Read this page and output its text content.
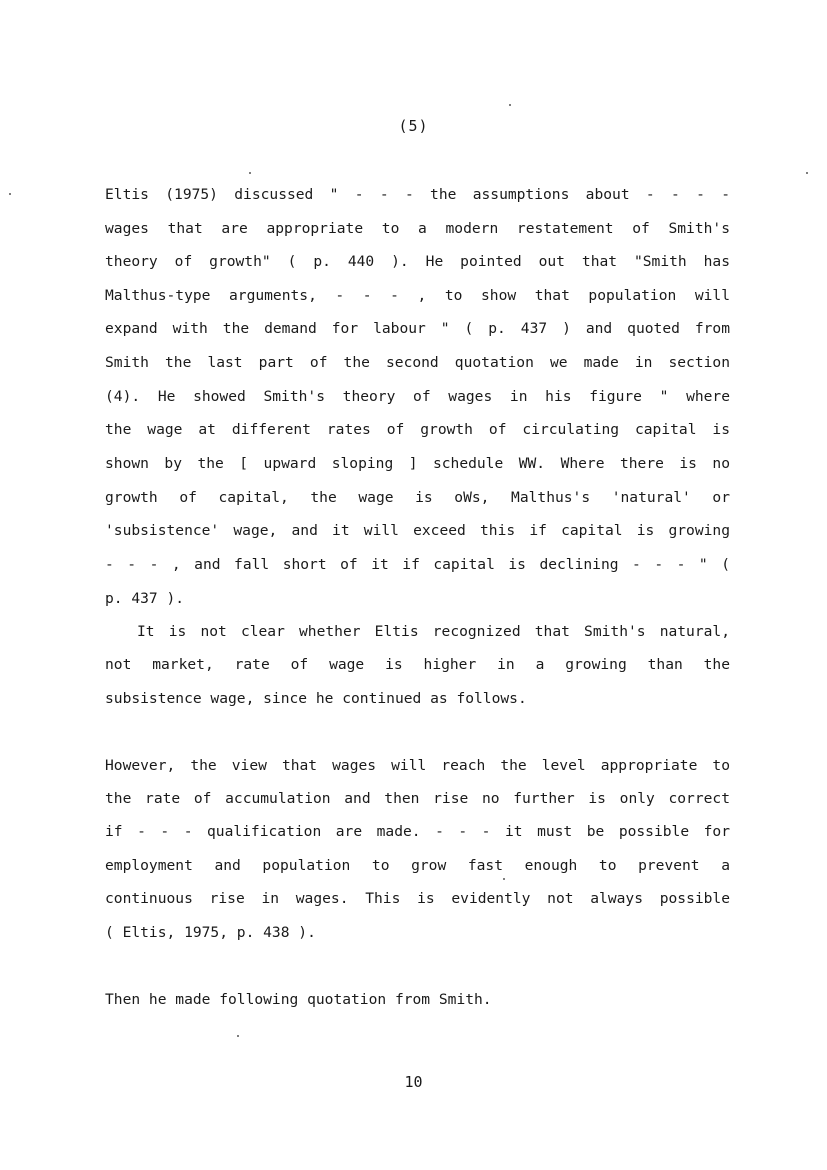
(5)
Eltis (1975) discussed " - - - the assumptions about - - - -
wages that are appropriate to a modern restatement of Smith's
theory of growth" ( p. 440 ). He pointed out that "Smith has
Malthus-type arguments, - - - , to show that population will
expand with the demand for labour " ( p. 437 ) and quoted from
Smith the last part of the second quotation we made in section
(4). He showed Smith's theory of wages in his figure " where
the wage at different rates of growth of circulating capital is
shown by the [ upward sloping ] schedule WW. Where there is no
growth of capital, the wage is oWs, Malthus's 'natural' or
'subsistence' wage, and it will exceed this if capital is growing
- - - , and fall short of it if capital is declining - - - " (
p. 437 ).
It is not clear whether Eltis recognized that Smith's natural,
not market, rate of wage is higher in a growing than the
subsistence wage, since he continued as follows.
However, the view that wages will reach the level appropriate to
the rate of accumulation and then rise no further is only correct
if - - - qualification are made. - - - it must be possible for
employment and population to grow fast enough to prevent a
continuous rise in wages. This is evidently not always possible
( Eltis, 1975, p. 438 ).
Then he made following quotation from Smith.
10
